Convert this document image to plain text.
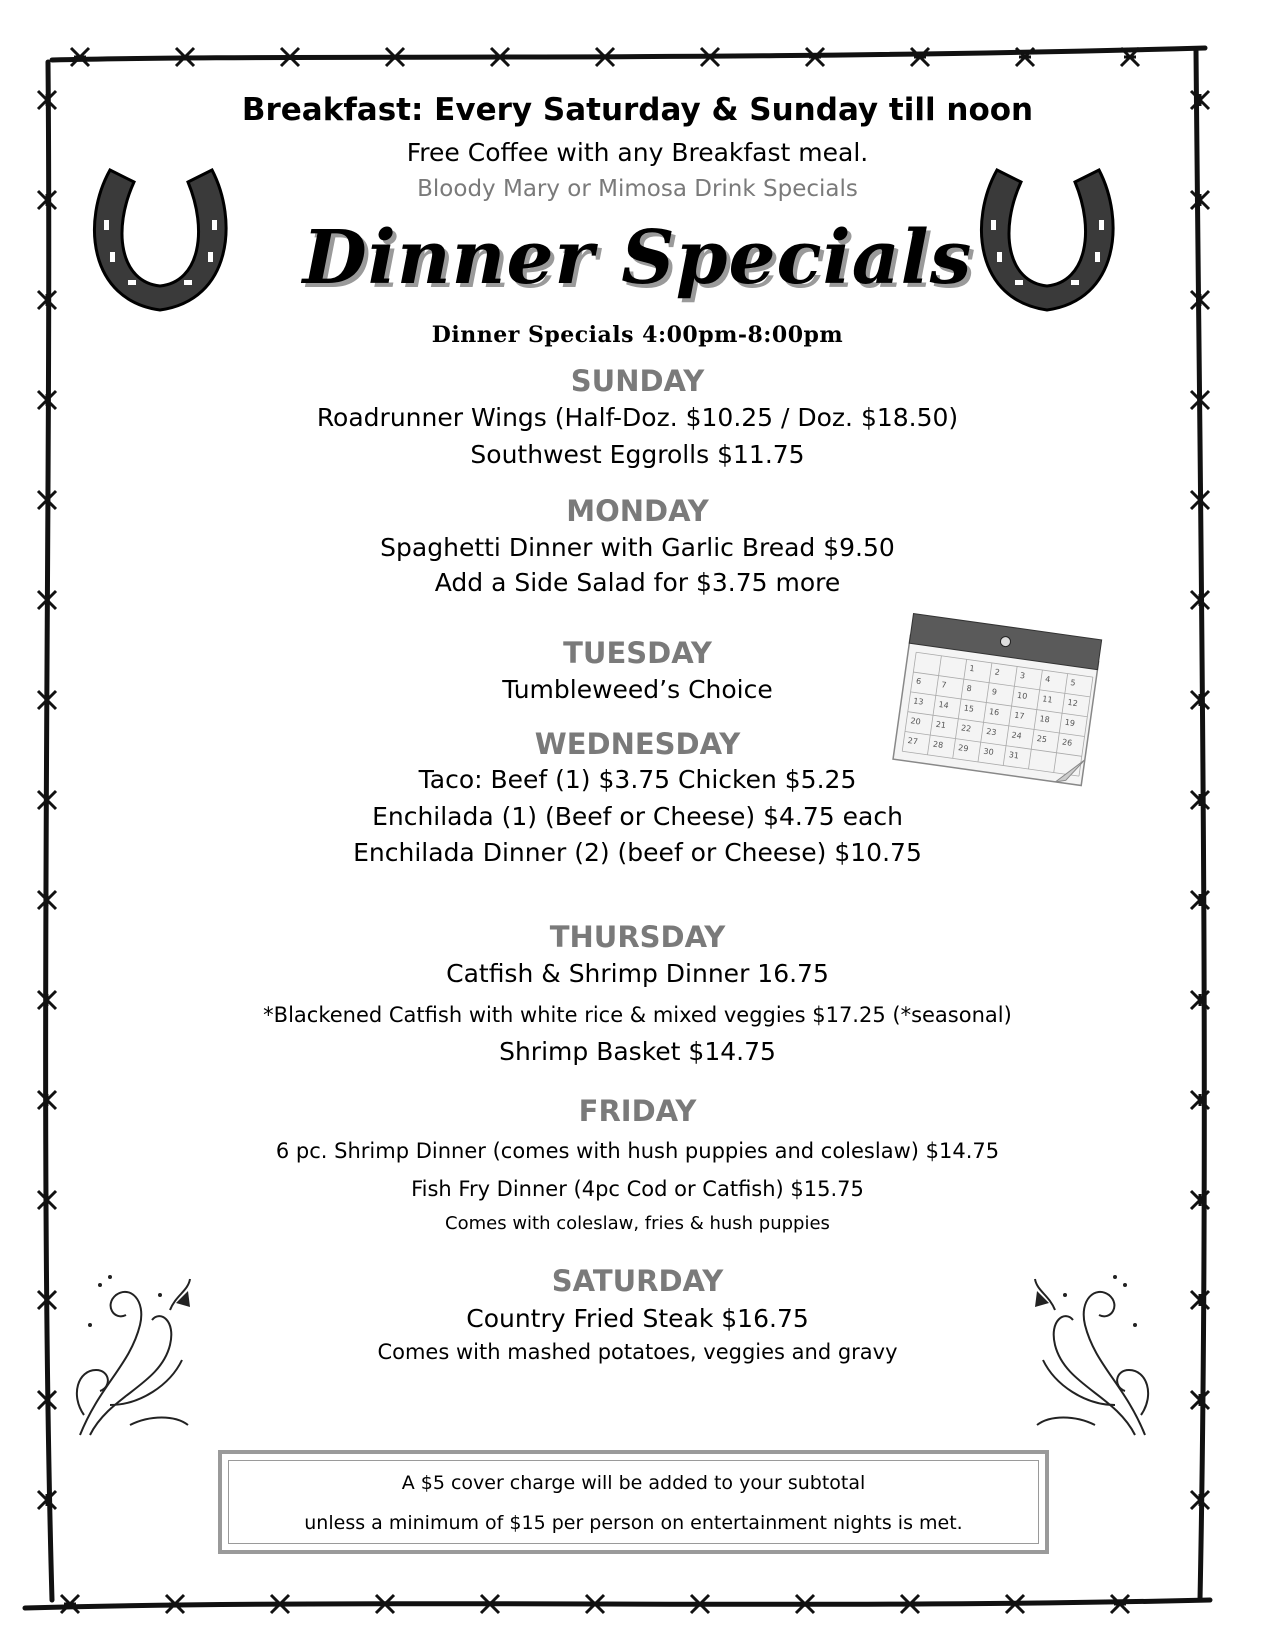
Breakfast: Every Saturday & Sunday till noon
Free Coffee with any Breakfast meal.
Bloody Mary or Mimosa Drink Specials
Dinner Specials
Dinner Specials 4:00pm-8:00pm
SUNDAY
Roadrunner Wings (Half-Doz. $10.25 / Doz. $18.50)
Southwest Eggrolls $11.75
MONDAY
Spaghetti Dinner with Garlic Bread $9.50
Add a Side Salad for $3.75 more
TUESDAY
Tumbleweed’s Choice
WEDNESDAY
Taco: Beef (1) $3.75 Chicken $5.25
Enchilada (1) (Beef or Cheese) $4.75 each
Enchilada Dinner (2) (beef or Cheese) $10.75
THURSDAY
Catfish & Shrimp Dinner 16.75
*Blackened Catfish with white rice & mixed veggies $17.25 (*seasonal)
Shrimp Basket $14.75
FRIDAY
6 pc. Shrimp Dinner (comes with hush puppies and coleslaw) $14.75
Fish Fry Dinner (4pc Cod or Catfish) $15.75
Comes with coleslaw, fries & hush puppies
SATURDAY
Country Fried Steak $16.75
Comes with mashed potatoes, veggies and gravy
1 2 3 4 5
6 7 8 9 10 11 12
13 14 15 16 17 18 19
20 21 22 23 24 25 26
27 28 29 30 31
A $5 cover charge will be added to your subtotal
unless a minimum of $15 per person on entertainment nights is met.
